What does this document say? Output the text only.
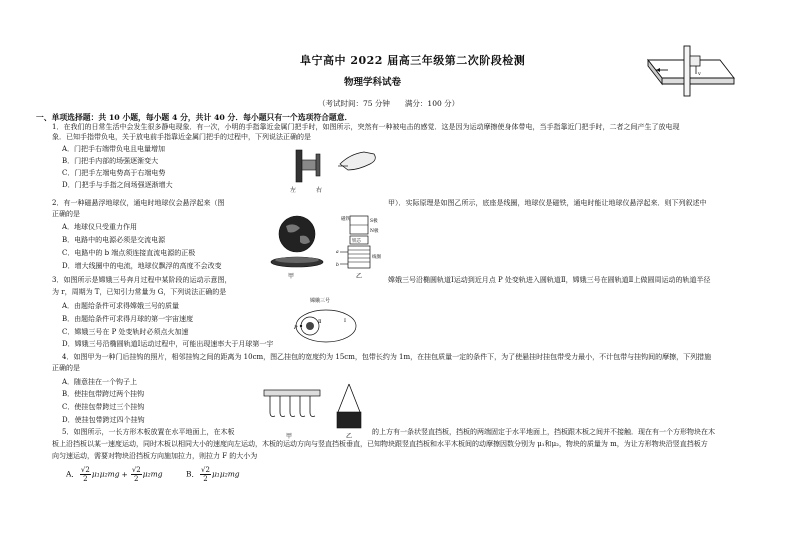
阜宁高中 2022 届高三年级第二次阶段检测
物理学科试卷
（考试时间：75 分钟　　满分：100 分）
一、单项选择题：共 10 小题，每小题 4 分，共计 40 分．每小题只有一个选项符合题意．
v
1．在我们的日常生活中会发生很多静电现象．有一次，小明的手指靠近金属门把手时，如图所示，突然有一种被电击的感觉．这是因为运动摩擦使身体带电，当手指靠近门把手时，二者之间产生了放电现
象．已知手指带负电，关于放电前手指靠近金属门把手的过程中，下列说法正确的是
A．门把手右端带负电且电量增加
B．门把手内部的场强逐渐变大
C．门把手左端电势高于右端电势
D．门把手与手指之间场强逐渐增大
左	右
2．有一种磁悬浮地球仪，通电时地球仪会悬浮起来（图	甲）．实际原理是如图乙所示，底座是线圈，地球仪是磁铁，通电时能让地球仪悬浮起来．则下列叙述中
正确的是
A．地球仪只受重力作用
B．电路中的电源必须是交流电源
C．电路中的 b 端点须连接直流电源的正极
D．增大线圈中的电流，地球仪飘浮的高度不会改变
甲
磁铁	S极
N极
铁芯
线圈
a
b
乙
3．如图所示是嫦娥三号奔月过程中某阶段的运动示意图，	嫦娥三号沿椭圆轨道Ⅰ运动到近月点 P 处变轨进入圆轨道Ⅱ，嫦娥三号在圆轨道Ⅱ上做圆周运动的轨道半径
为 r，周期为 T，已知引力常量为 G，下列说法正确的是
A．由题给条件可求得嫦娥三号的质量
B．由题给条件可求得月球的第一宇宙速度
C．嫦娥三号在 P 处变轨时必须点火加速
D．嫦娥三号沿椭圆轨道Ⅰ运动过程中，可能出现速率大于月球第一宇
嫦娥三号
P
Ⅰ
Ⅱ
4．如图甲为一种门后挂钩的照片，相邻挂钩之间的距离为 10cm，图乙挂包的宽度约为 15cm，包带长约为 1m，在挂包质量一定的条件下，为了使悬挂时挂包带受力最小，不计包带与挂钩间的摩擦，下列措施
正确的是
A．随意挂在一个钩子上
B．使挂包带跨过两个挂钩
C．使挂包带跨过三个挂钩
D．使挂包带跨过四个挂钩
甲	乙
5．如图所示，一长方形木板放置在水平地面上，在木板	的上方有一条状竖直挡板，挡板的两端固定于水平地面上，挡板跟木板之间并不接触．现在有一个方形物块在木
板上沿挡板以某一速度运动，同时木板以相同大小的速度向左运动，木板的运动方向与竖直挡板垂直，已知物块跟竖直挡板和水平木板间的动摩擦因数分别为 μ₁和μ₂，物块的质量为 m，为让方形物块沿竖直挡板方
向匀速运动，需要对物块沿挡板方向施加拉力，则拉力 F 的大小为
A． $\frac{√2}{2} \mu_1\mu_2mg + \frac{√2}{2} \mu_2mg$	B． $\frac{√2}{2} \mu_1\mu_2mg$
